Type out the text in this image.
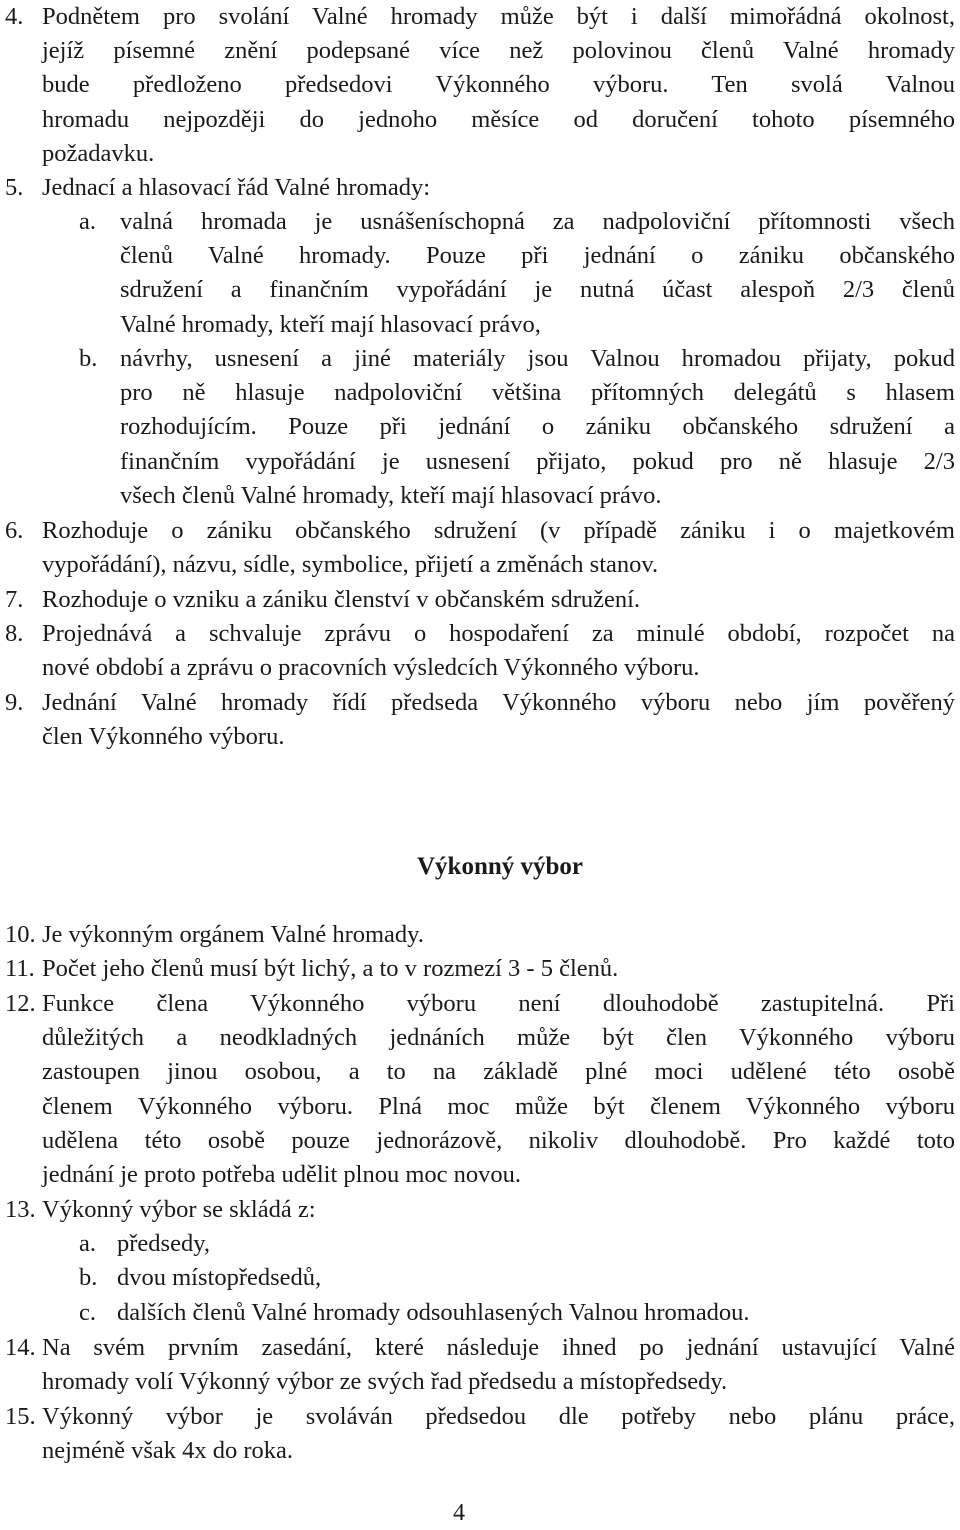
4. Podnětem pro svolání Valné hromady může být i další mimořádná okolnost,
jejíž písemné znění podepsané více než polovinou členů Valné hromady
bude předloženo předsedovi Výkonného výboru. Ten svolá Valnou
hromadu nejpozději do jednoho měsíce od doručení tohoto písemného
požadavku.
5. Jednací a hlasovací řád Valné hromady:
a. valná hromada je usnášeníschopná za nadpoloviční přítomnosti všech
členů Valné hromady. Pouze při jednání o zániku občanského
sdružení a finančním vypořádání je nutná účast alespoň 2/3 členů
Valné hromady, kteří mají hlasovací právo,
b. návrhy, usnesení a jiné materiály jsou Valnou hromadou přijaty, pokud
pro ně hlasuje nadpoloviční většina přítomných delegátů s hlasem
rozhodujícím. Pouze při jednání o zániku občanského sdružení a
finančním vypořádání je usnesení přijato, pokud pro ně hlasuje 2/3
všech členů Valné hromady, kteří mají hlasovací právo.
6. Rozhoduje o zániku občanského sdružení (v případě zániku i o majetkovém
vypořádání), názvu, sídle, symbolice, přijetí a změnách stanov.
7. Rozhoduje o vzniku a zániku členství v občanském sdružení.
8. Projednává a schvaluje zprávu o hospodaření za minulé období, rozpočet na
nové období a zprávu o pracovních výsledcích Výkonného výboru.
9. Jednání Valné hromady řídí předseda Výkonného výboru nebo jím pověřený
člen Výkonného výboru.
Výkonný výbor
10. Je výkonným orgánem Valné hromady.
11. Počet jeho členů musí být lichý, a to v rozmezí 3 - 5 členů.
12. Funkce člena Výkonného výboru není dlouhodobě zastupitelná. Při
důležitých a neodkladných jednáních může být člen Výkonného výboru
zastoupen jinou osobou, a to na základě plné moci udělené této osobě
členem Výkonného výboru. Plná moc může být členem Výkonného výboru
udělena této osobě pouze jednorázově, nikoliv dlouhodobě. Pro každé toto
jednání je proto potřeba udělit plnou moc novou.
13. Výkonný výbor se skládá z:
a. předsedy,
b. dvou místopředsedů,
c. dalších členů Valné hromady odsouhlasených Valnou hromadou.
14. Na svém prvním zasedání, které následuje ihned po jednání ustavující Valné
hromady volí Výkonný výbor ze svých řad předsedu a místopředsedy.
15. Výkonný výbor je svoláván předsedou dle potřeby nebo plánu práce,
nejméně však 4x do roka.
4
